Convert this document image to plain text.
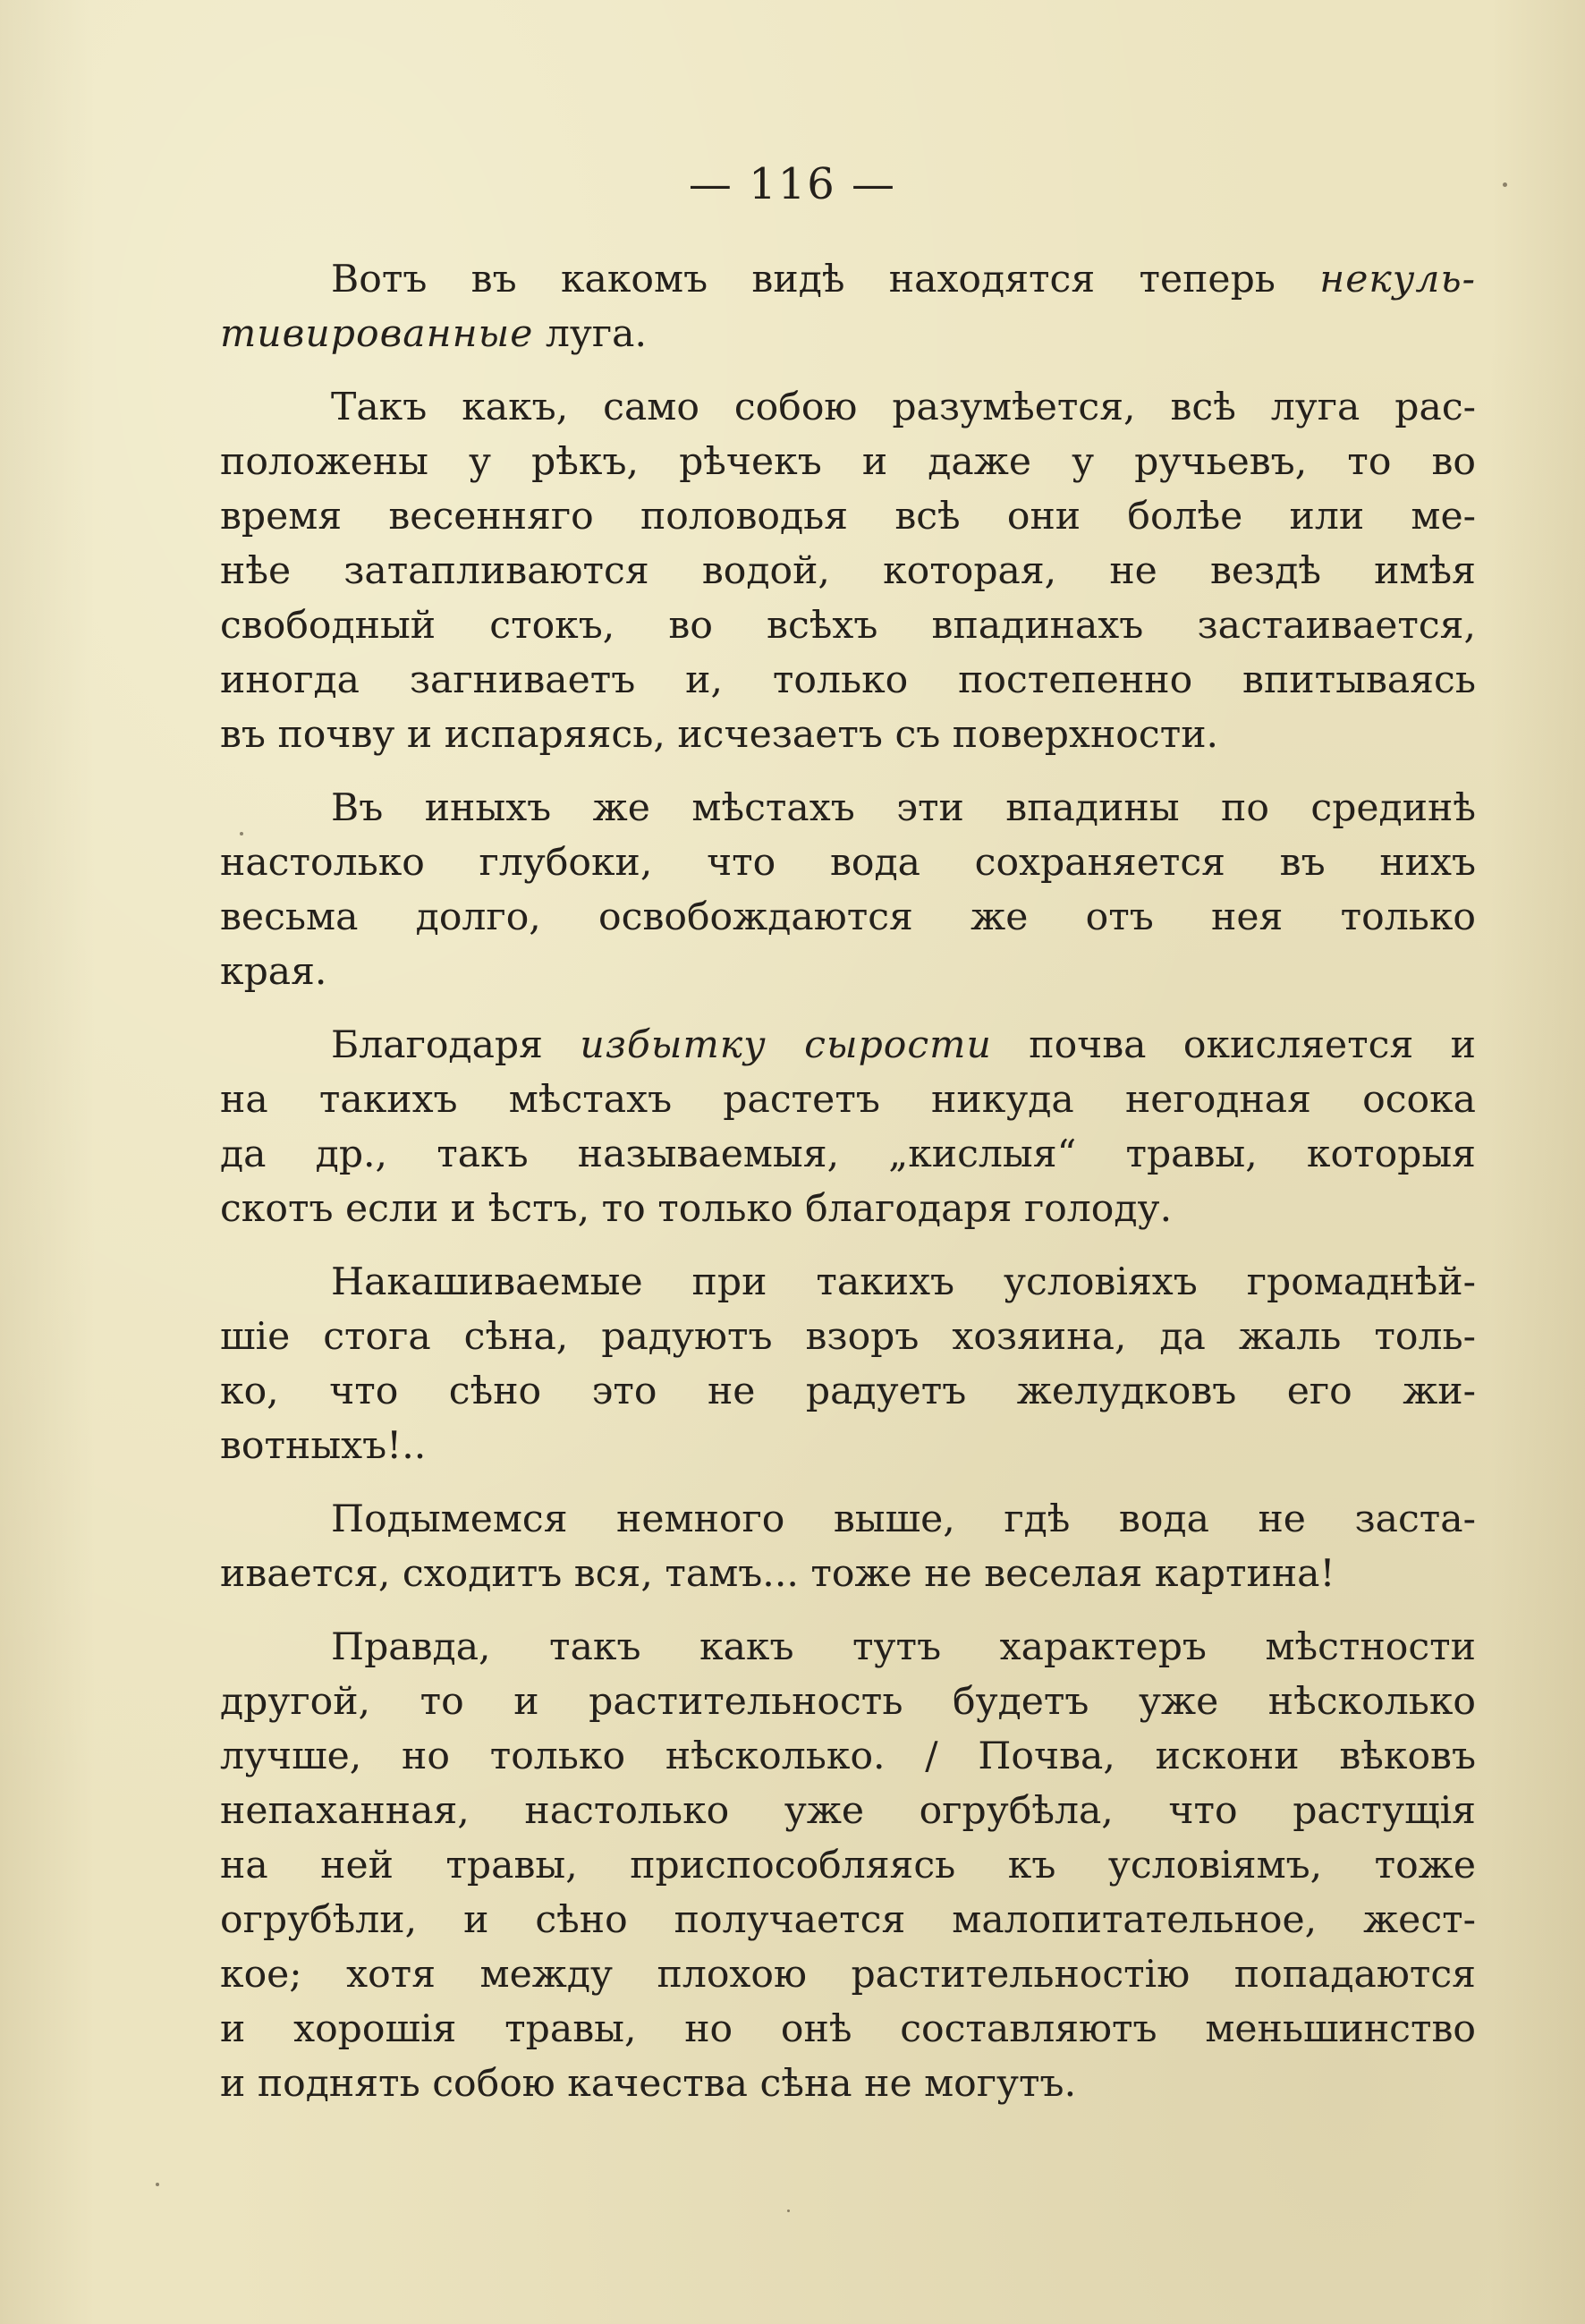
— 116 —

Вотъ въ какомъ видѣ находятся теперь некуль-
тивированные луга.

Такъ какъ, само собою разумѣется, всѣ луга рас-
положены у рѣкъ, рѣчекъ и даже у ручьевъ, то во
время весенняго половодья всѣ они болѣе или ме-
нѣе затапливаются водой, которая, не вездѣ имѣя
свободный стокъ, во всѣхъ впадинахъ застаивается,
иногда загниваетъ и, только постепенно впитываясь
въ почву и испаряясь, исчезаетъ съ поверхности.

Въ иныхъ же мѣстахъ эти впадины по срединѣ
настолько глубоки, что вода сохраняется въ нихъ
весьма долго, освобождаются же отъ нея только
края.

Благодаря избытку сырости почва окисляется и
на такихъ мѣстахъ растетъ никуда негодная осока
да др., такъ называемыя, „кислыя“ травы, которыя
скотъ если и ѣстъ, то только благодаря голоду.

Накашиваемые при такихъ условіяхъ громаднѣй-
шіе стога сѣна, радуютъ взоръ хозяина, да жаль толь-
ко, что сѣно это не радуетъ желудковъ его жи-
вотныхъ!..

Подымемся немного выше, гдѣ вода не заста-
ивается, сходитъ вся, тамъ... тоже не веселая картина!

Правда, такъ какъ тутъ характеръ мѣстности
другой, то и растительность будетъ уже нѣсколько
лучше, но только нѣсколько. / Почва, искони вѣковъ
непаханная, настолько уже огрубѣла, что растущія
на ней травы, приспособляясь къ условіямъ, тоже
огрубѣли, и сѣно получается малопитательное, жест-
кое; хотя между плохою растительностію попадаются
и хорошія травы, но онѣ составляютъ меньшинство
и поднять собою качества сѣна не могутъ.
